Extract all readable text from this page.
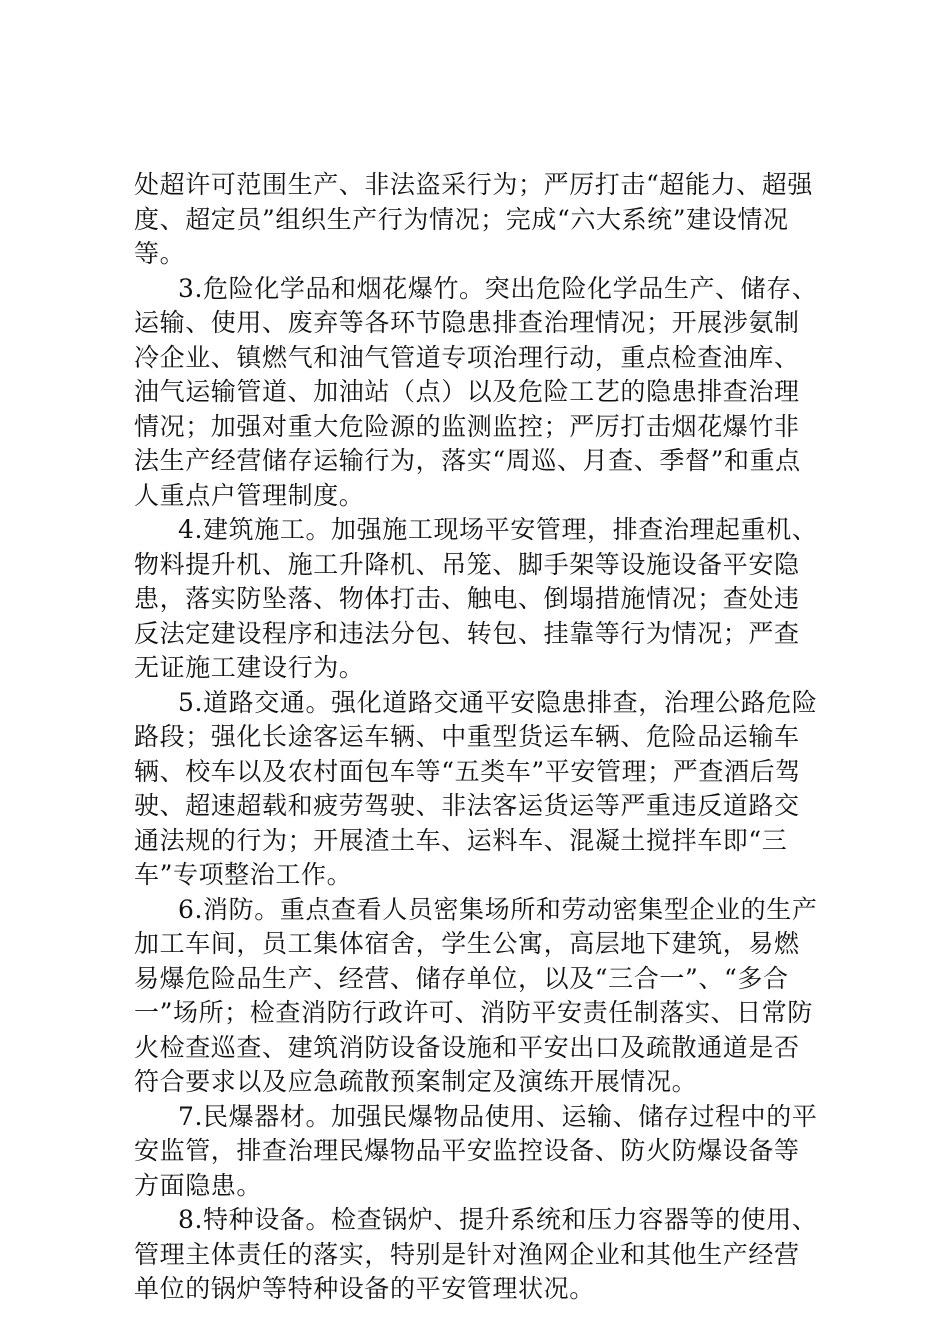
处超许可范围生产、非法盗采行为；严厉打击“超能力、超强度、超定员”组织生产行为情况；完成“六大系统”建设情况等。

3.危险化学品和烟花爆竹。突出危险化学品生产、储存、运输、使用、废弃等各环节隐患排查治理情况；开展涉氨制冷企业、镇燃气和油气管道专项治理行动，重点检查油库、油气运输管道、加油站（点）以及危险工艺的隐患排查治理情况；加强对重大危险源的监测监控；严厉打击烟花爆竹非法生产经营储存运输行为，落实“周巡、月查、季督”和重点人重点户管理制度。

4.建筑施工。加强施工现场平安管理，排查治理起重机、物料提升机、施工升降机、吊笼、脚手架等设施设备平安隐患，落实防坠落、物体打击、触电、倒塌措施情况；查处违反法定建设程序和违法分包、转包、挂靠等行为情况；严查无证施工建设行为。

5.道路交通。强化道路交通平安隐患排查，治理公路危险路段；强化长途客运车辆、中重型货运车辆、危险品运输车辆、校车以及农村面包车等“五类车”平安管理；严查酒后驾驶、超速超载和疲劳驾驶、非法客运货运等严重违反道路交通法规的行为；开展渣土车、运料车、混凝土搅拌车即“三车”专项整治工作。

6.消防。重点查看人员密集场所和劳动密集型企业的生产加工车间，员工集体宿舍，学生公寓，高层地下建筑，易燃易爆危险品生产、经营、储存单位，以及“三合一”、“多合一”场所；检查消防行政许可、消防平安责任制落实、日常防火检查巡查、建筑消防设备设施和平安出口及疏散通道是否符合要求以及应急疏散预案制定及演练开展情况。

7.民爆器材。加强民爆物品使用、运输、储存过程中的平安监管，排查治理民爆物品平安监控设备、防火防爆设备等方面隐患。

8.特种设备。检查锅炉、提升系统和压力容器等的使用、管理主体责任的落实，特别是针对渔网企业和其他生产经营单位的锅炉等特种设备的平安管理状况。
